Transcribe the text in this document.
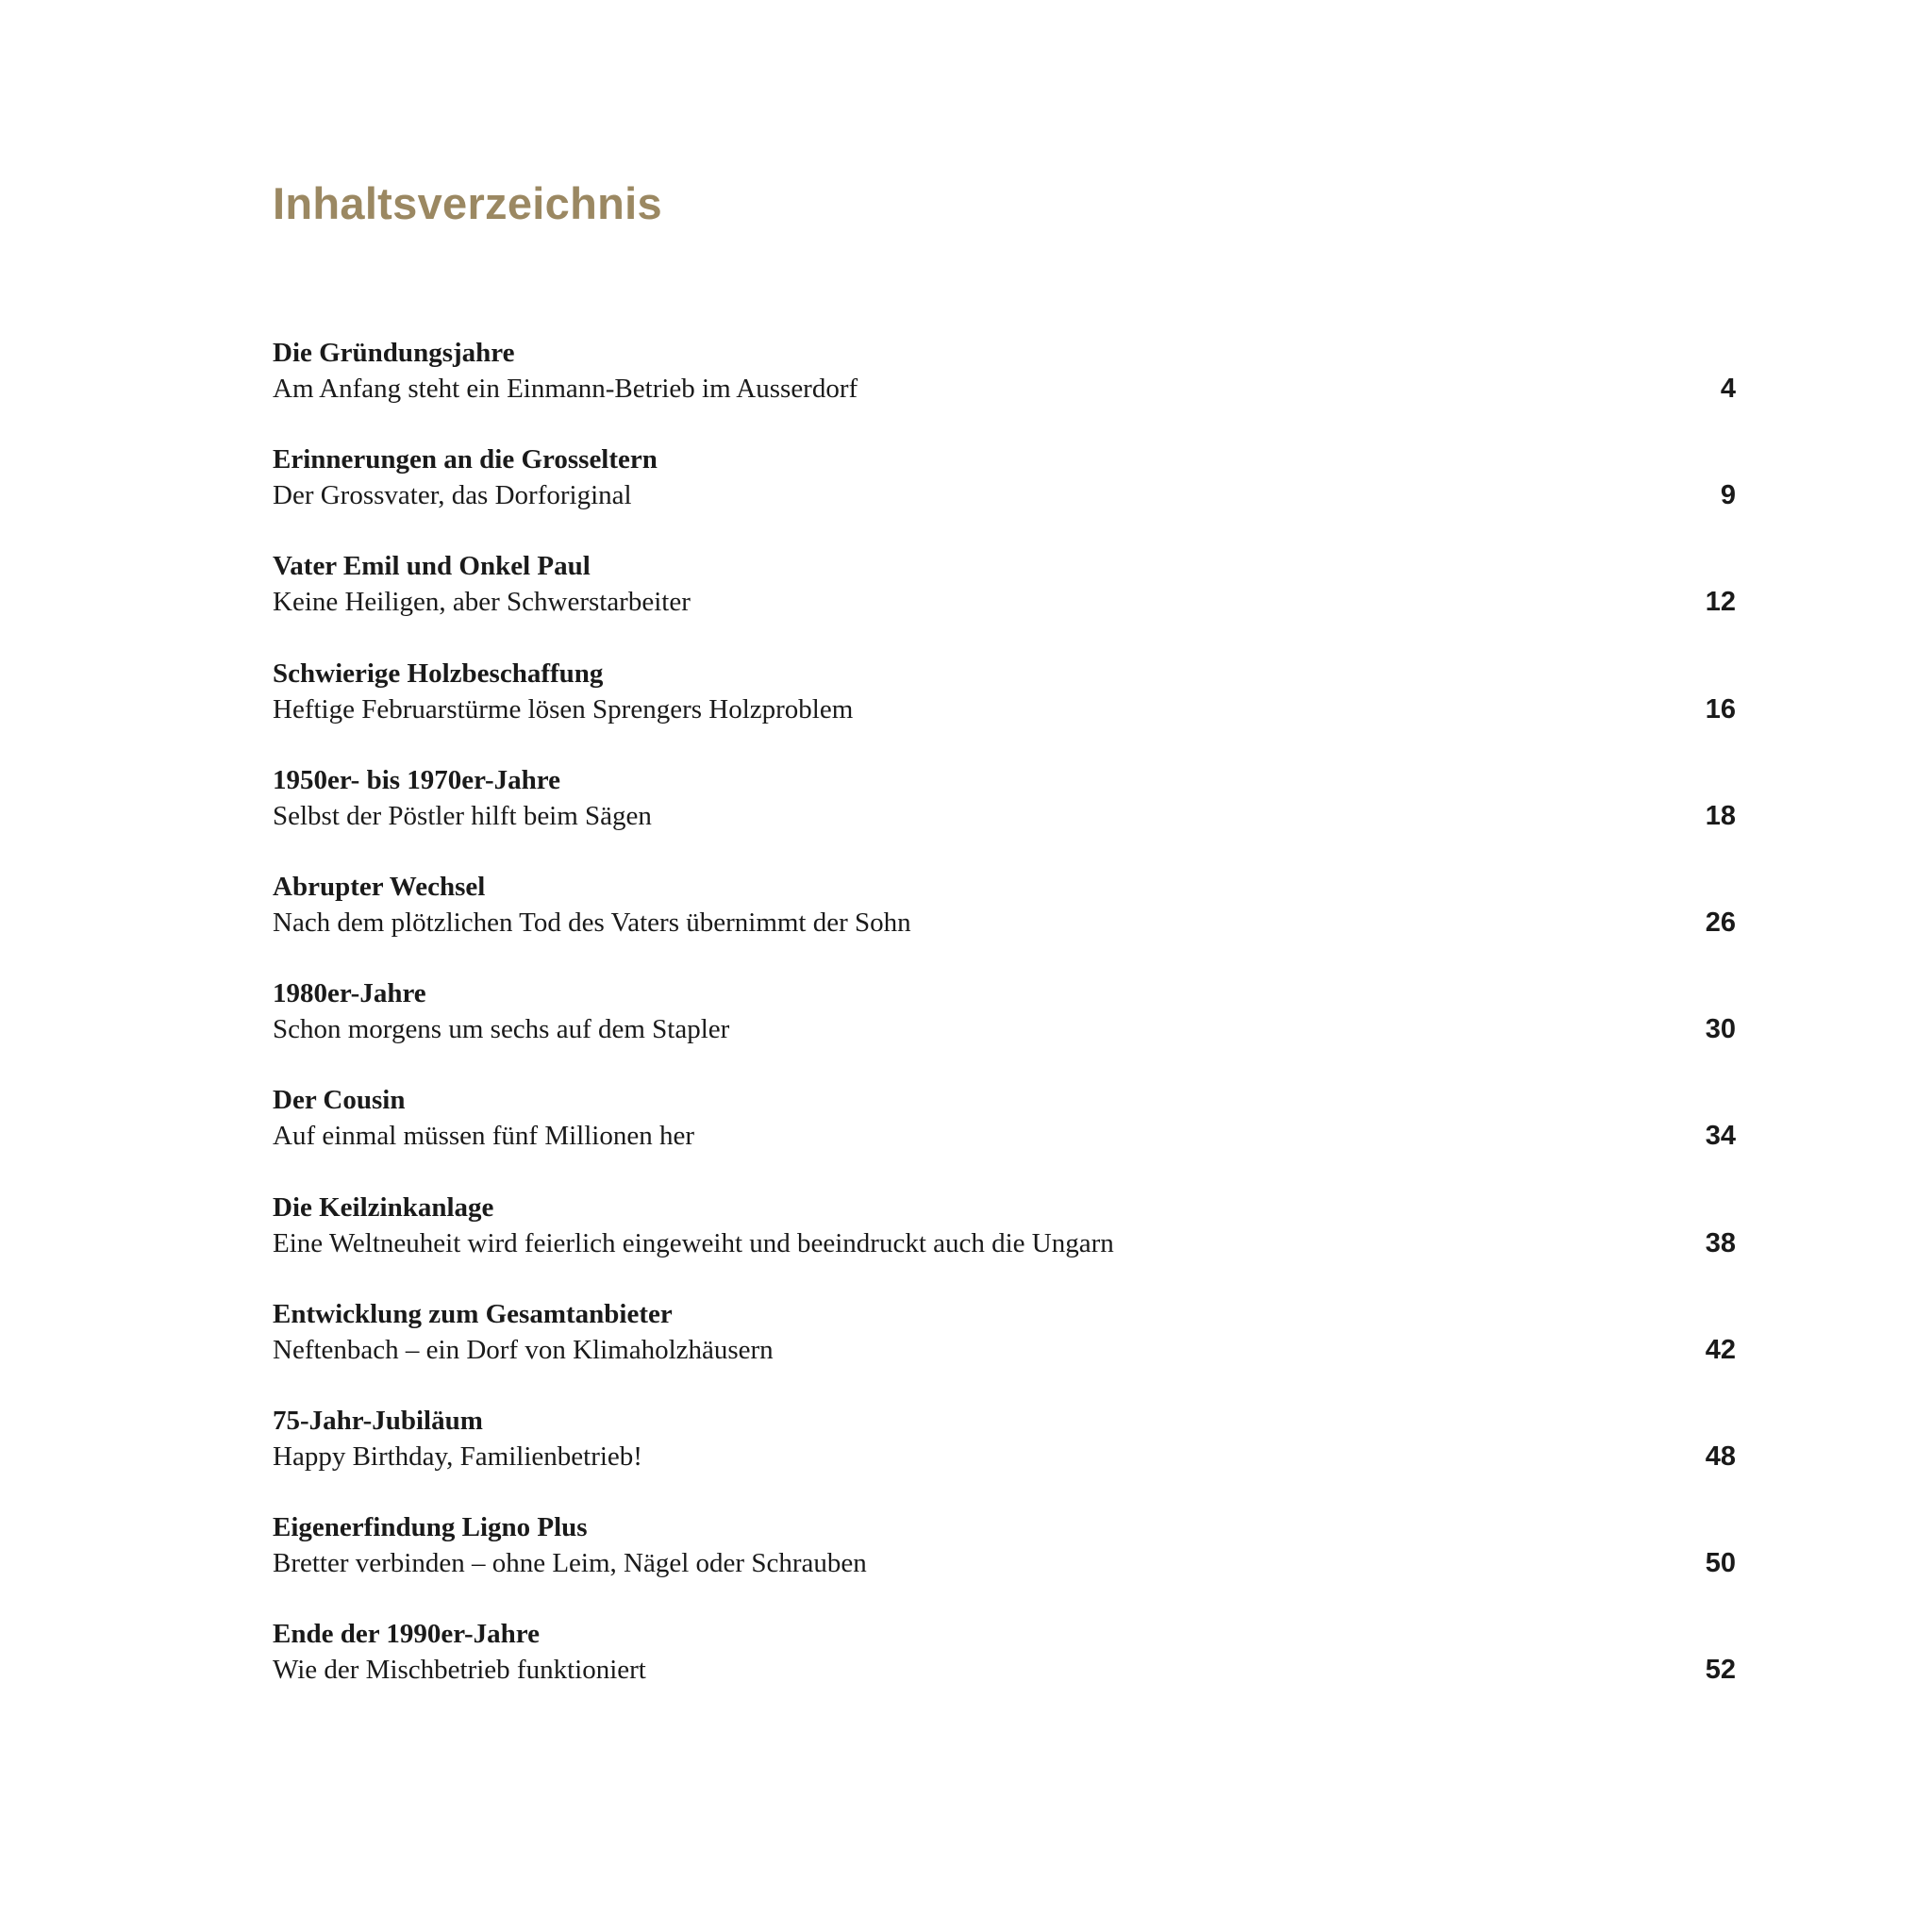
Inhaltsverzeichnis
Die Gründungsjahre
Am Anfang steht ein Einmann-Betrieb im Ausserdorf	4
Erinnerungen an die Grosseltern
Der Grossvater, das Dorforiginal	9
Vater Emil und Onkel Paul
Keine Heiligen, aber Schwerstarbeiter	12
Schwierige Holzbeschaffung
Heftige Februarstürme lösen Sprengers Holzproblem	16
1950er- bis 1970er-Jahre
Selbst der Pöstler hilft beim Sägen	18
Abrupter Wechsel
Nach dem plötzlichen Tod des Vaters übernimmt der Sohn	26
1980er-Jahre
Schon morgens um sechs auf dem Stapler	30
Der Cousin
Auf einmal müssen fünf Millionen her	34
Die Keilzinkanlage
Eine Weltneuheit wird feierlich eingeweiht und beeindruckt auch die Ungarn	38
Entwicklung zum Gesamtanbieter
Neftenbach – ein Dorf von Klimaholzhäusern	42
75-Jahr-Jubiläum
Happy Birthday, Familienbetrieb!	48
Eigenerfindung Ligno Plus
Bretter verbinden – ohne Leim, Nägel oder Schrauben	50
Ende der 1990er-Jahre
Wie der Mischbetrieb funktioniert	52
